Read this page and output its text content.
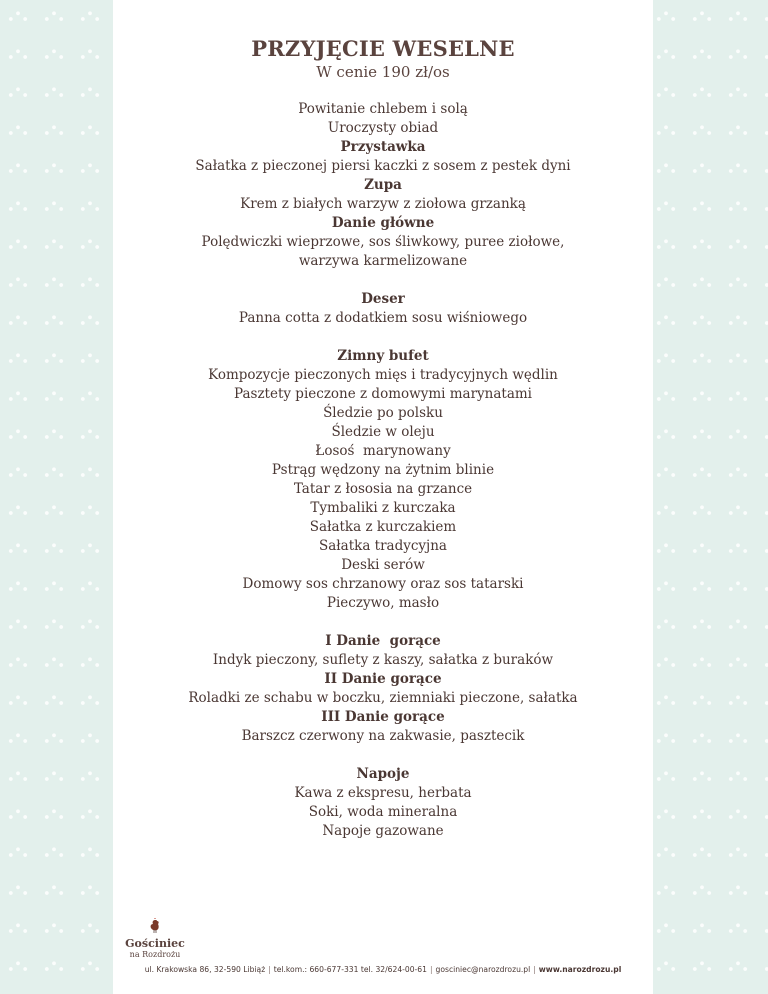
PRZYJĘCIE WESELNE
W cenie 190 zł/os
Powitanie chlebem i solą
Uroczysty obiad
Przystawka
Sałatka z pieczonej piersi kaczki z sosem z pestek dyni
Zupa
Krem z białych warzyw z ziołowa grzanką
Danie główne
Polędwiczki wieprzowe, sos śliwkowy, puree ziołowe,
warzywa karmelizowane
Deser
Panna cotta z dodatkiem sosu wiśniowego
Zimny bufet
Kompozycje pieczonych mięs i tradycyjnych wędlin
Pasztety pieczone z domowymi marynatami
Śledzie po polsku
Śledzie w oleju
Łosoś  marynowany
Pstrąg wędzony na żytnim blinie
Tatar z łososia na grzance
Tymbaliki z kurczaka
Sałatka z kurczakiem
Sałatka tradycyjna
Deski serów
Domowy sos chrzanowy oraz sos tatarski
Pieczywo, masło
I Danie  gorące
Indyk pieczony, suflety z kaszy, sałatka z buraków
II Danie gorące
Roladki ze schabu w boczku, ziemniaki pieczone, sałatka
III Danie gorące
Barszcz czerwony na zakwasie, pasztecik
Napoje
Kawa z ekspresu, herbata
Soki, woda mineralna
Napoje gazowane
Gościniec
na Rozdrożu
ul. Krakowska 86, 32-590 Libiąż | tel.kom.: 660-677-331 tel. 32/624-00-61 | gosciniec@narozdrozu.pl | www.narozdrozu.pl
